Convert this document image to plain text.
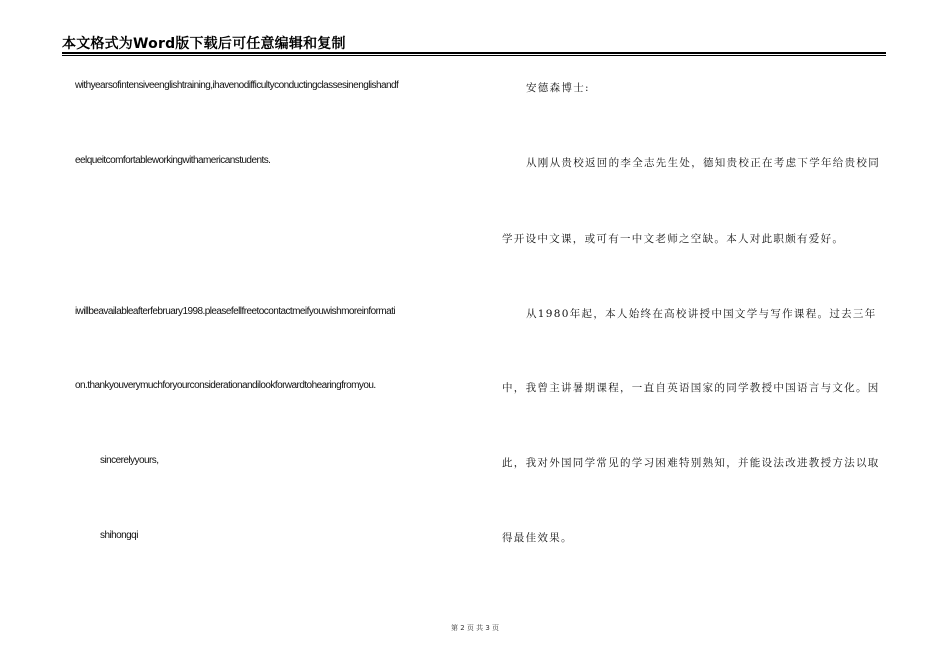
本文格式为Word版下载后可任意编辑和复制
withyearsofintensiveenglishtraining,ihavenodifficultyconductingclassesinenglishandf
eelqueitcomfortableworkingwithamericanstudents.
iwillbeavailableafterfebruary1998.pleasefellfreetocontactmeifyouwishmoreinformati
on.thankyouverymuchforyourconsiderationandilookforwardtohearingfromyou.
sincerelyyours,
shihongqi
安德森博士:
从刚从贵校返回的李全志先生处，德知贵校正在考虑下学年给贵校同
学开设中文课，或可有一中文老师之空缺。本人对此职颇有爱好。
从1980年起，本人始终在高校讲授中国文学与写作课程。过去三年
中，我曾主讲暑期课程，一直自英语国家的同学教授中国语言与文化。因
此，我对外国同学常见的学习困难特别熟知，并能设法改进教授方法以取
得最佳效果。
第 2 页 共 3 页
